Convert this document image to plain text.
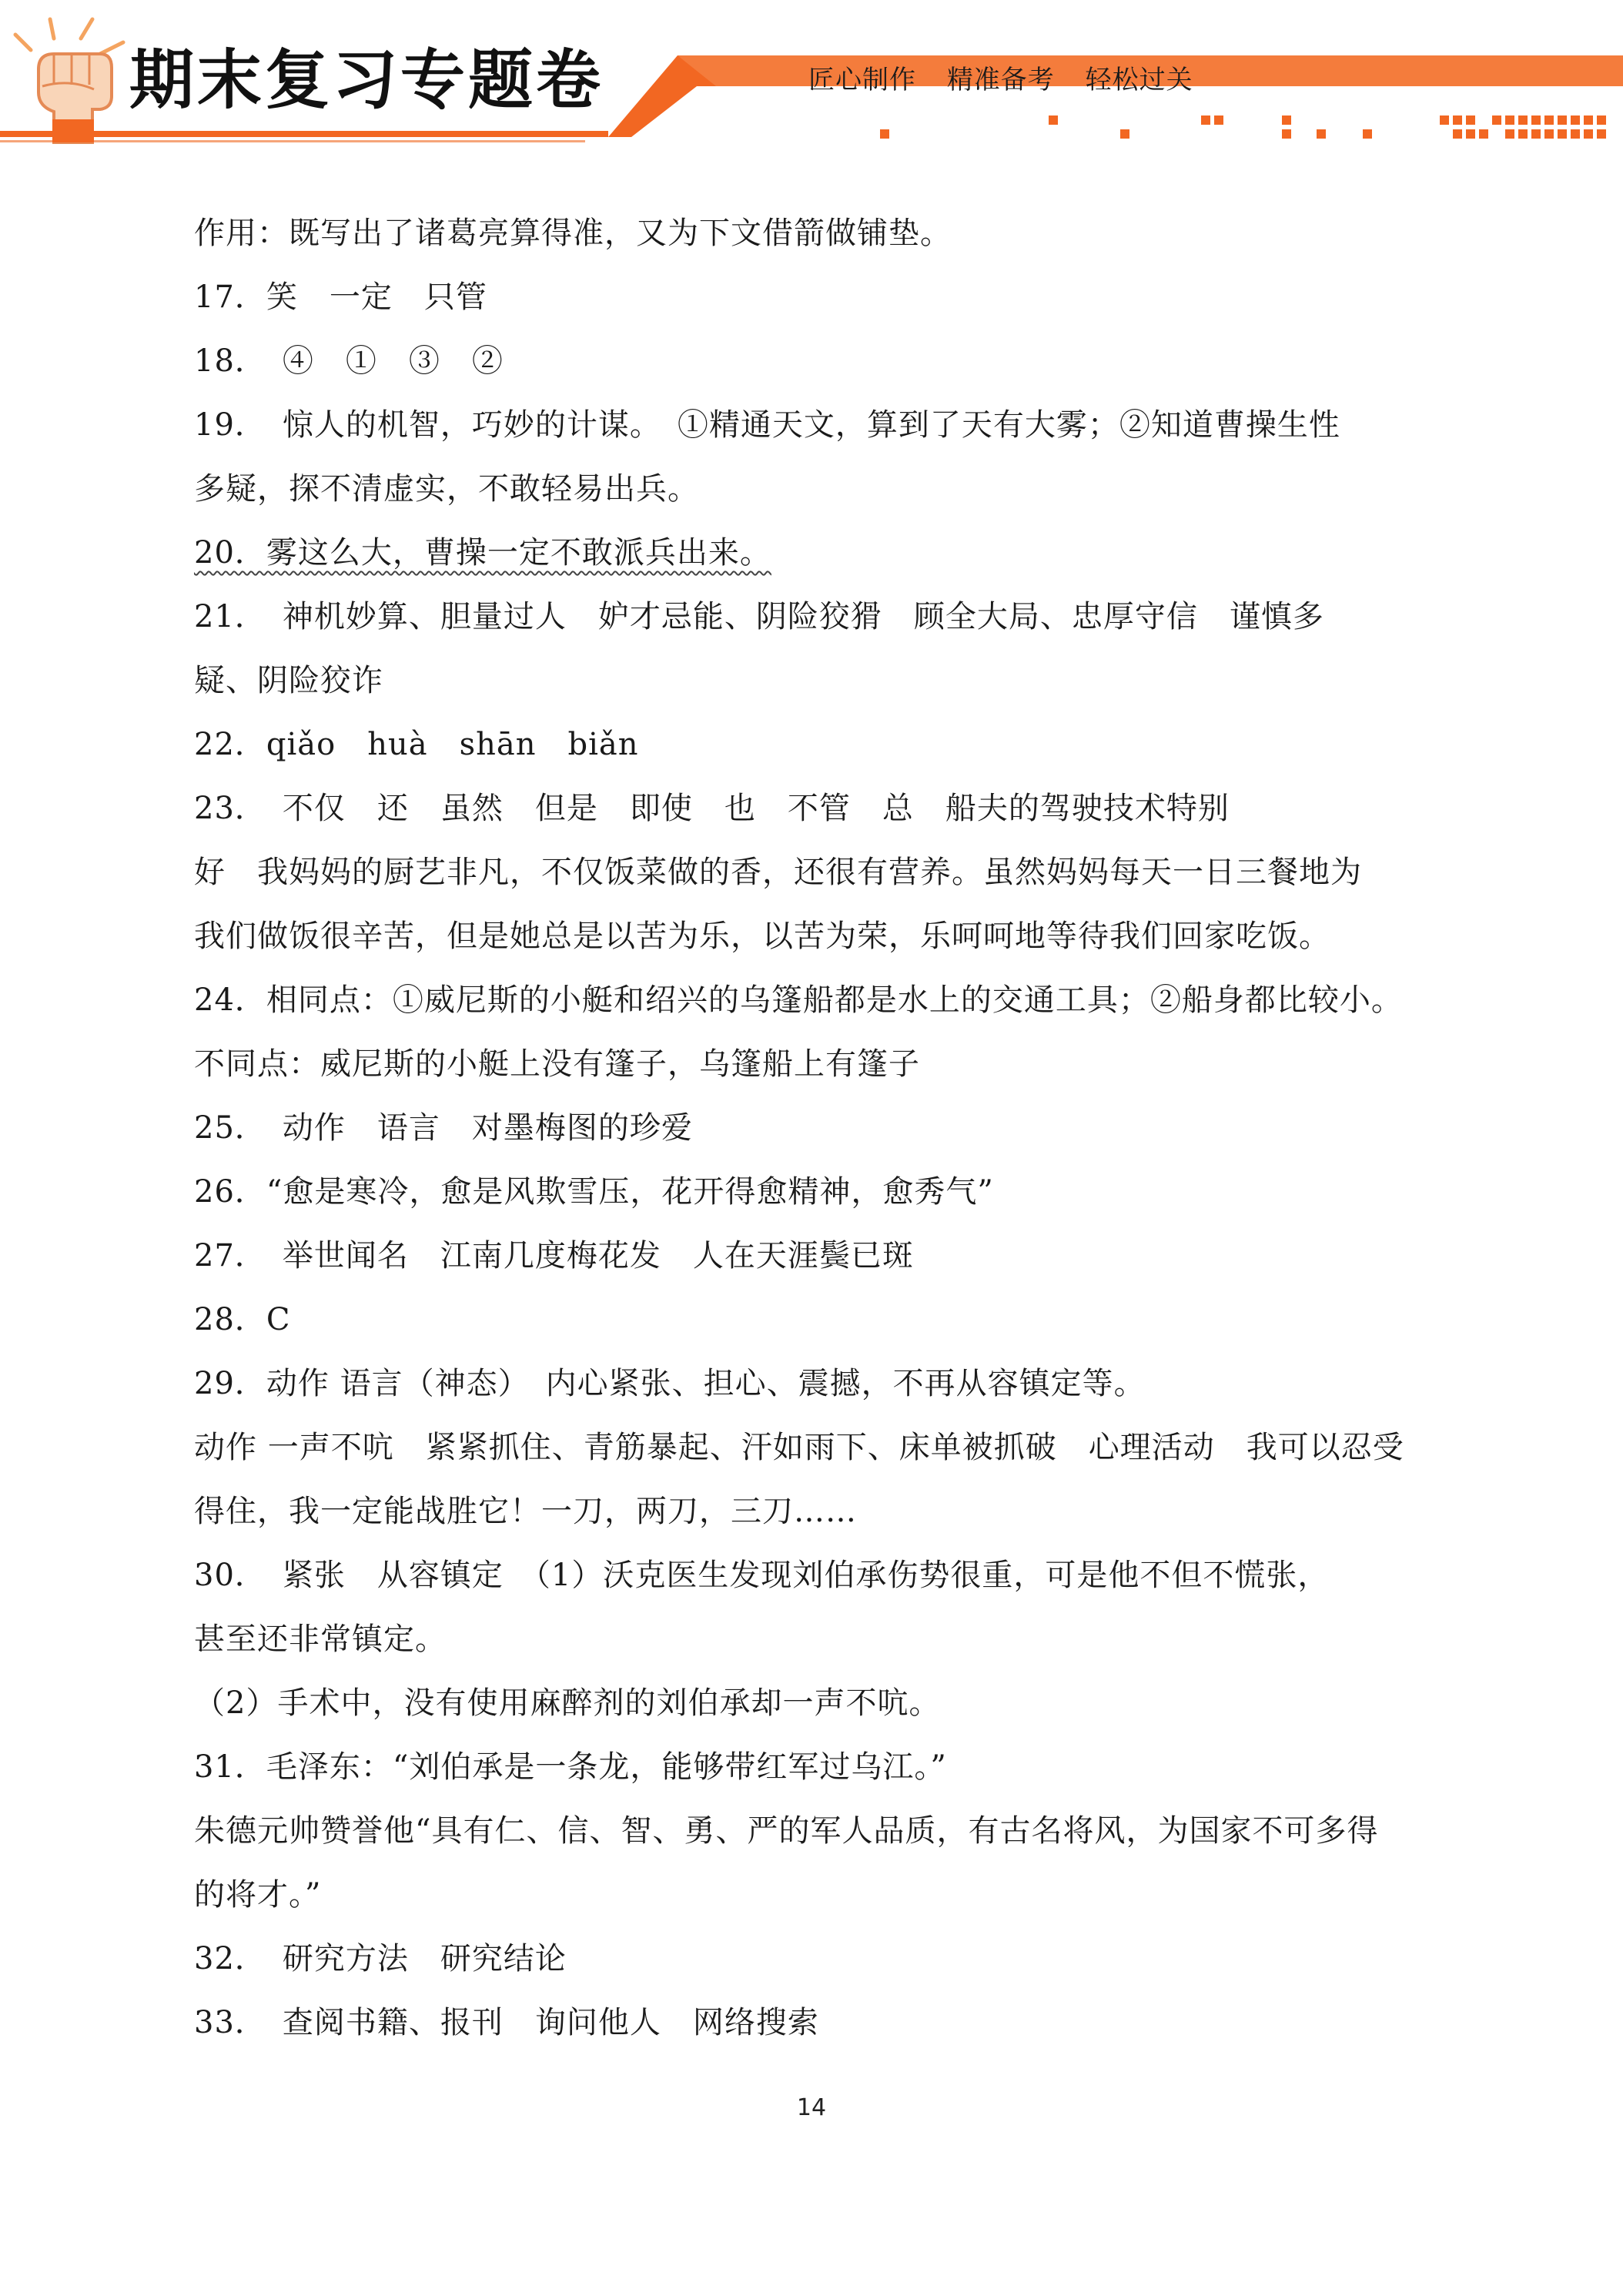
期末复习专题卷	匠心制作 精准备考 轻松过关
作用：既写出了诸葛亮算得准，又为下文借箭做铺垫。
17．笑　一定　只管
18．　④　①　③　②
19．　惊人的机智，巧妙的计谋。　①精通天文，算到了天有大雾；②知道曹操生性
多疑，探不清虚实，不敢轻易出兵。
20．雾这么大，曹操一定不敢派兵出来。
21．　神机妙算、胆量过人　妒才忌能、阴险狡猾　顾全大局、忠厚守信　谨慎多
疑、阴险狡诈
22．qiǎo　huà　shān　biǎn
23．　不仅　还　虽然　但是　即使　也　不管　总　船夫的驾驶技术特别
好　我妈妈的厨艺非凡，不仅饭菜做的香，还很有营养。虽然妈妈每天一日三餐地为
我们做饭很辛苦，但是她总是以苦为乐，以苦为荣，乐呵呵地等待我们回家吃饭。
24．相同点：①威尼斯的小艇和绍兴的乌篷船都是水上的交通工具；②船身都比较小。
不同点：威尼斯的小艇上没有篷子，乌篷船上有篷子
25．　动作　语言　对墨梅图的珍爱
26．“愈是寒冷，愈是风欺雪压，花开得愈精神，愈秀气”
27．　举世闻名　江南几度梅花发　人在天涯鬓已斑
28．C
29．动作 语言（神态）　内心紧张、担心、震撼，不再从容镇定等。
动作 一声不吭　紧紧抓住、青筋暴起、汗如雨下、床单被抓破　心理活动　我可以忍受
得住，我一定能战胜它！一刀，两刀，三刀……
30．　紧张　从容镇定　（1）沃克医生发现刘伯承伤势很重，可是他不但不慌张，
甚至还非常镇定。
（2）手术中，没有使用麻醉剂的刘伯承却一声不吭。
31．毛泽东：“刘伯承是一条龙，能够带红军过乌江。”
朱德元帅赞誉他“具有仁、信、智、勇、严的军人品质，有古名将风，为国家不可多得
的将才。”
32．　研究方法　研究结论
33．　查阅书籍、报刊　询问他人　网络搜索
14
